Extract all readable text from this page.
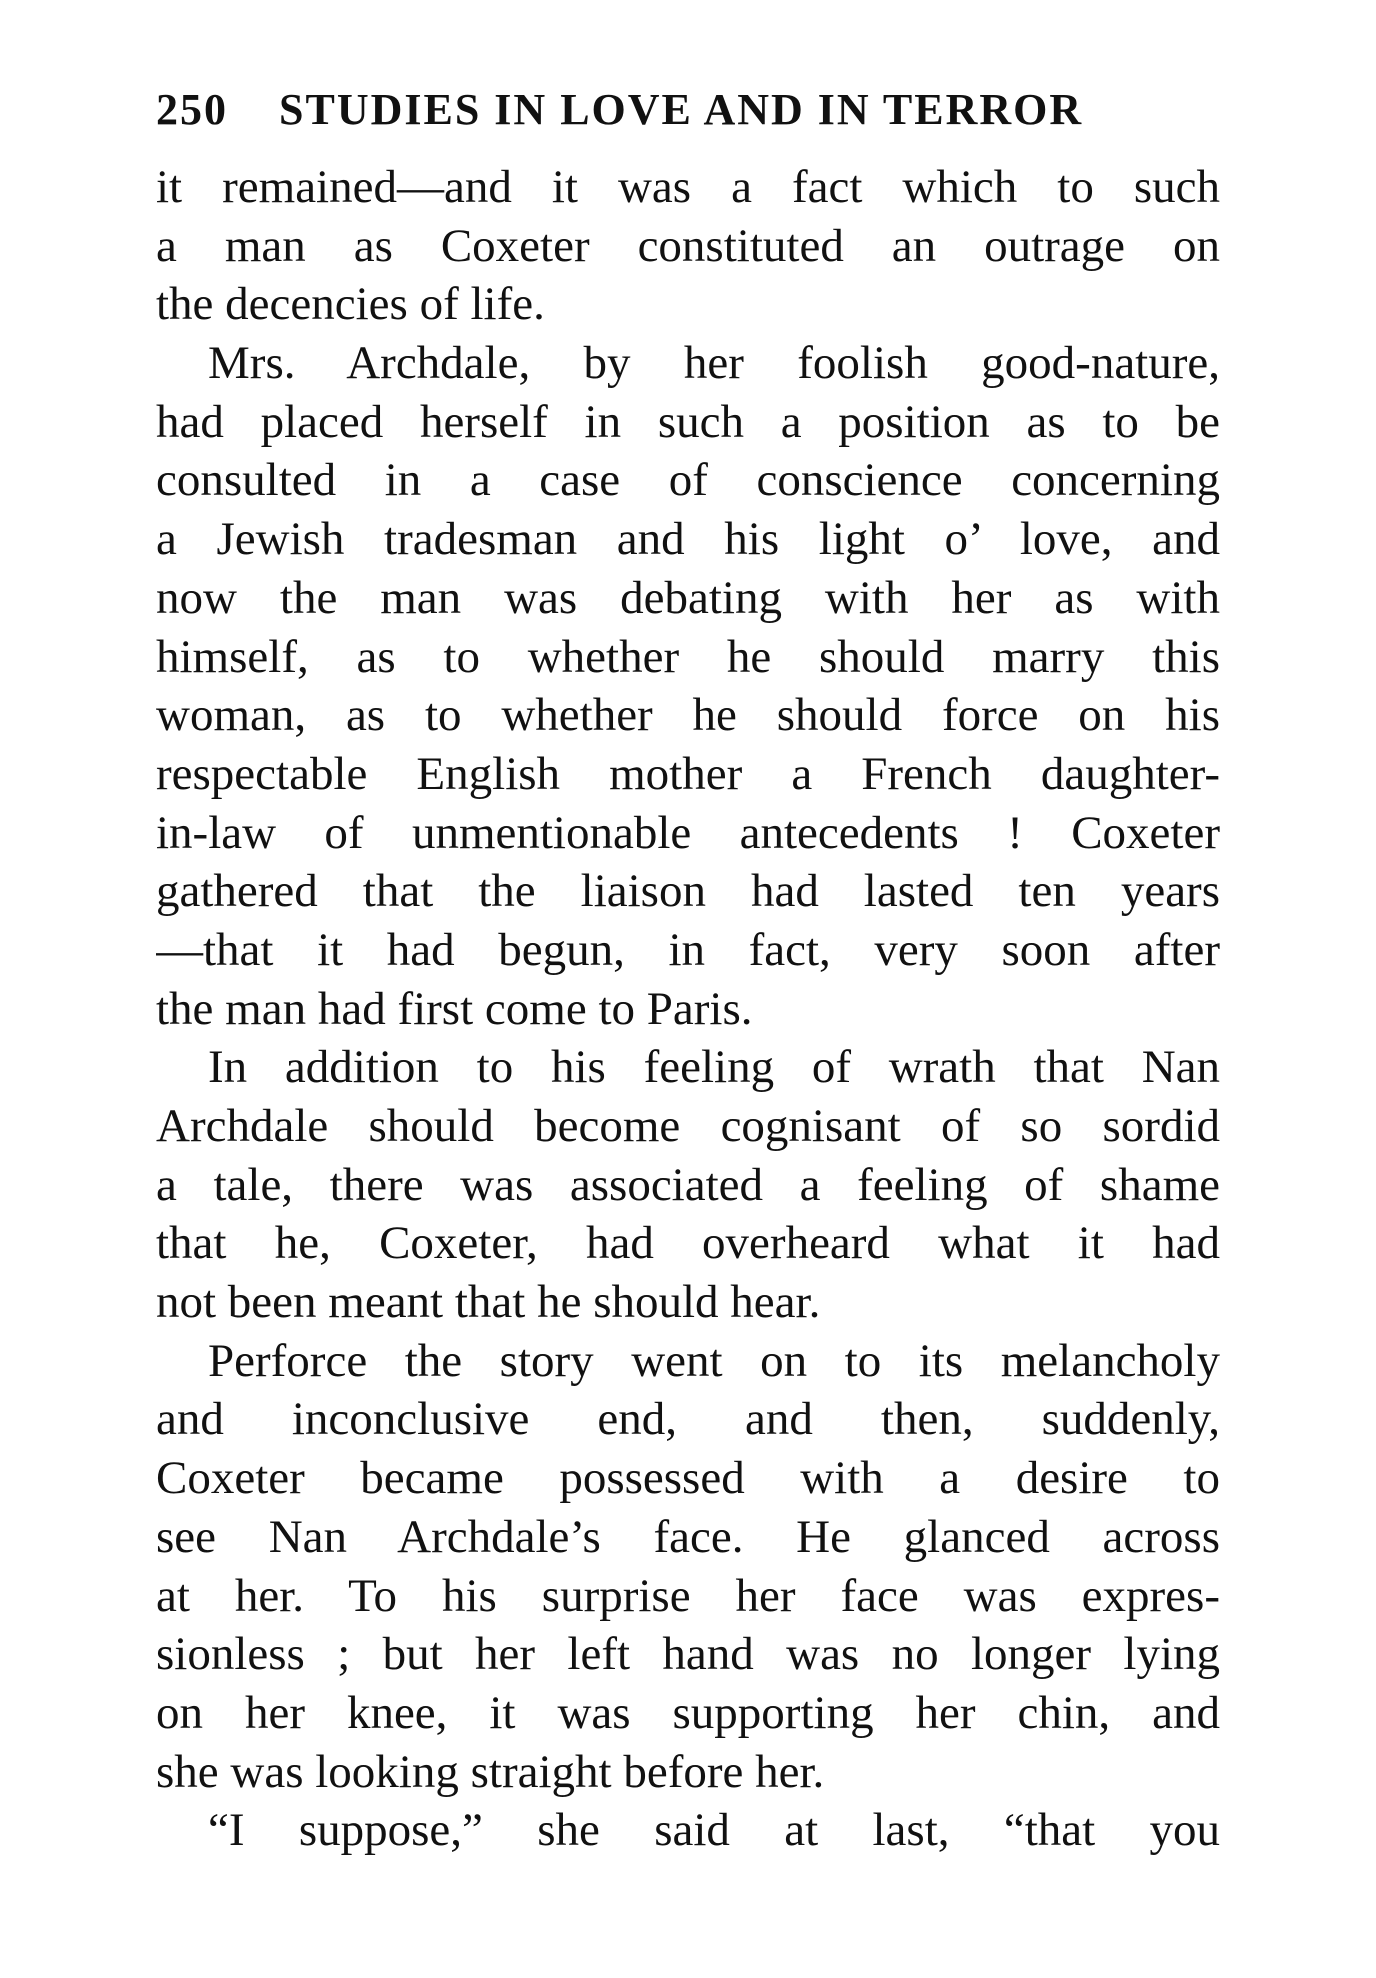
250 STUDIES IN LOVE AND IN TERROR
it remained—and it was a fact which to such
a man as Coxeter constituted an outrage on
the decencies of life.
Mrs. Archdale, by her foolish good-nature,
had placed herself in such a position as to be
consulted in a case of conscience concerning
a Jewish tradesman and his light o’ love, and
now the man was debating with her as with
himself, as to whether he should marry this
woman, as to whether he should force on his
respectable English mother a French daughter-
in-law of unmentionable antecedents ! Coxeter
gathered that the liaison had lasted ten years
—that it had begun, in fact, very soon after
the man had first come to Paris.
In addition to his feeling of wrath that Nan
Archdale should become cognisant of so sordid
a tale, there was associated a feeling of shame
that he, Coxeter, had overheard what it had
not been meant that he should hear.
Perforce the story went on to its melancholy
and inconclusive end, and then, suddenly,
Coxeter became possessed with a desire to
see Nan Archdale’s face. He glanced across
at her. To his surprise her face was expres-
sionless ; but her left hand was no longer lying
on her knee, it was supporting her chin, and
she was looking straight before her.
“I suppose,” she said at last, “that you
